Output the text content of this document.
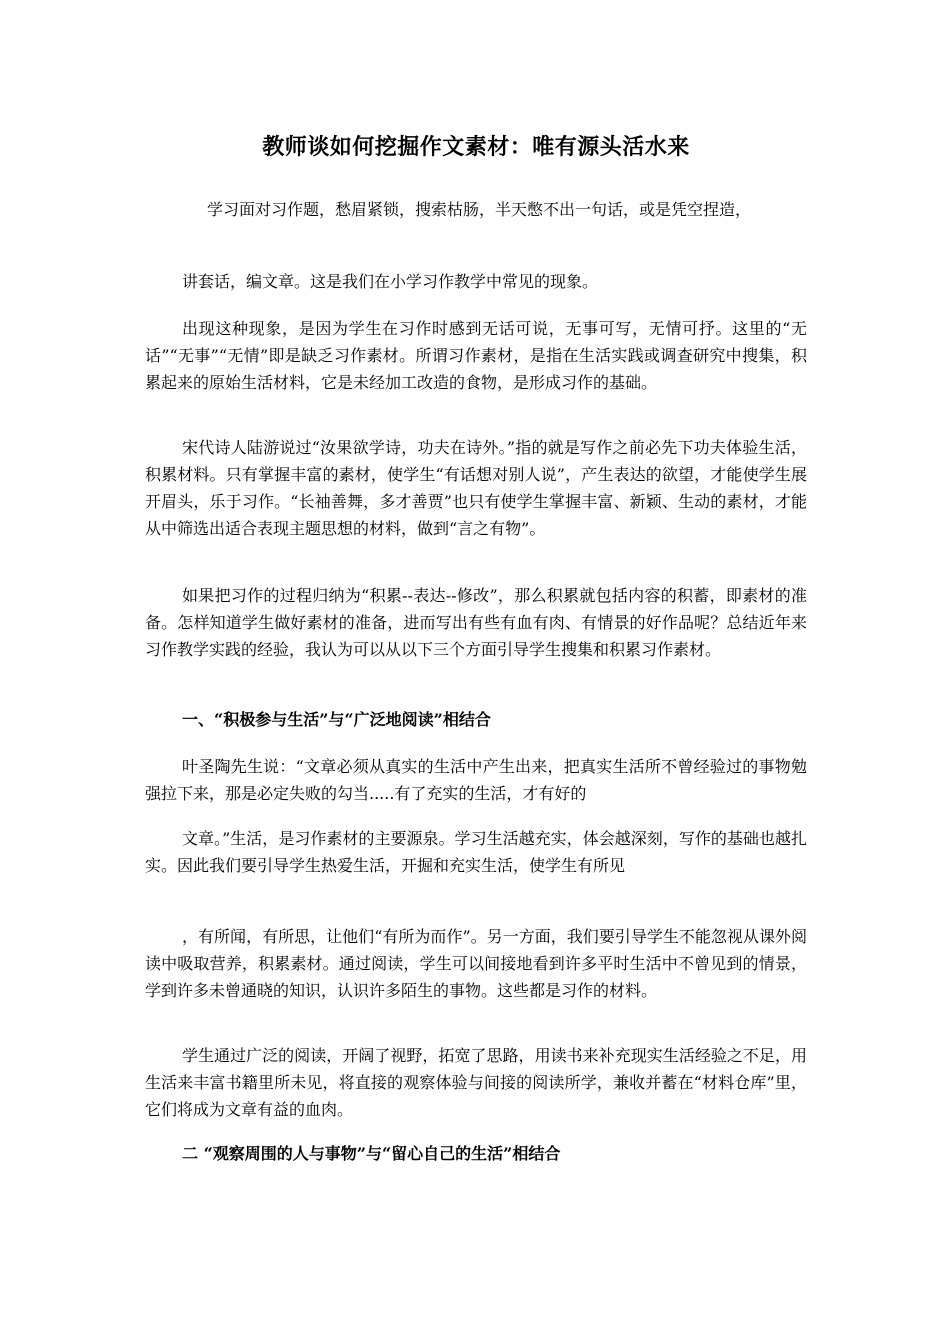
教师谈如何挖掘作文素材：唯有源头活水来

学习面对习作题，愁眉紧锁，搜索枯肠，半天憋不出一句话，或是凭空捏造，

讲套话，编文章。这是我们在小学习作教学中常见的现象。

出现这种现象，是因为学生在习作时感到无话可说，无事可写，无情可抒。这里的“无话”“无事”“无情”即是缺乏习作素材。所谓习作素材，是指在生活实践或调查研究中搜集，积累起来的原始生活材料，它是未经加工改造的食物，是形成习作的基础。

宋代诗人陆游说过“汝果欲学诗，功夫在诗外。”指的就是写作之前必先下功夫体验生活，积累材料。只有掌握丰富的素材，使学生“有话想对别人说”，产生表达的欲望，才能使学生展开眉头，乐于习作。“长袖善舞，多才善贾”也只有使学生掌握丰富、新颖、生动的素材，才能从中筛选出适合表现主题思想的材料，做到“言之有物”。

如果把习作的过程归纳为“积累--表达--修改”，那么积累就包括内容的积蓄，即素材的准备。怎样知道学生做好素材的准备，进而写出有些有血有肉、有情景的好作品呢？总结近年来习作教学实践的经验，我认为可以从以下三个方面引导学生搜集和积累习作素材。

一、“积极参与生活”与“广泛地阅读”相结合

叶圣陶先生说：“文章必须从真实的生活中产生出来，把真实生活所不曾经验过的事物勉强拉下来，那是必定失败的勾当.....有了充实的生活，才有好的

文章。”生活，是习作素材的主要源泉。学习生活越充实，体会越深刻，写作的基础也越扎实。因此我们要引导学生热爱生活，开掘和充实生活，使学生有所见

，有所闻，有所思，让他们“有所为而作”。另一方面，我们要引导学生不能忽视从课外阅读中吸取营养，积累素材。通过阅读，学生可以间接地看到许多平时生活中不曾见到的情景，学到许多未曾通晓的知识，认识许多陌生的事物。这些都是习作的材料。

学生通过广泛的阅读，开阔了视野，拓宽了思路，用读书来补充现实生活经验之不足，用生活来丰富书籍里所未见，将直接的观察体验与间接的阅读所学，兼收并蓄在“材料仓库”里，它们将成为文章有益的血肉。

二 “观察周围的人与事物”与“留心自己的生活”相结合
